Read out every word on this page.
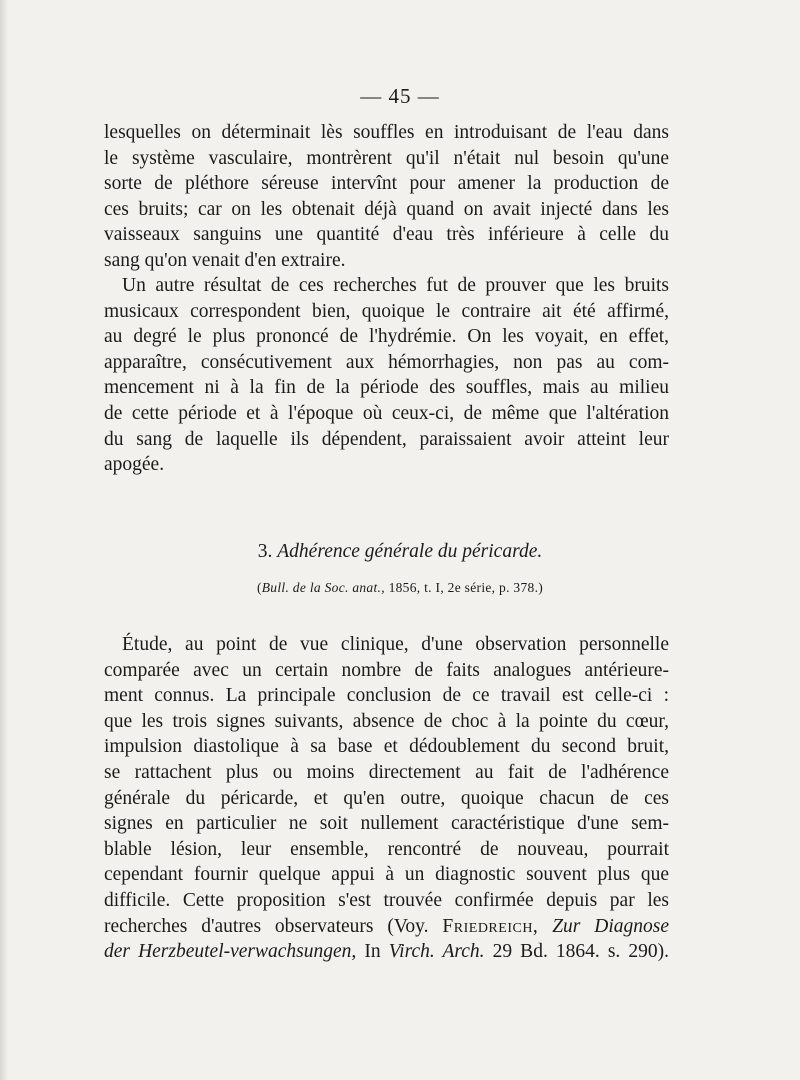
— 45 —
lesquelles on déterminait lès souffles en introduisant de l'eau dans
le système vasculaire, montrèrent qu'il n'était nul besoin qu'une
sorte de pléthore séreuse intervînt pour amener la production de
ces bruits; car on les obtenait déjà quand on avait injecté dans les
vaisseaux sanguins une quantité d'eau très inférieure à celle du
sang qu'on venait d'en extraire.
Un autre résultat de ces recherches fut de prouver que les bruits
musicaux correspondent bien, quoique le contraire ait été affirmé,
au degré le plus prononcé de l'hydrémie. On les voyait, en effet,
apparaître, consécutivement aux hémorrhagies, non pas au com-
mencement ni à la fin de la période des souffles, mais au milieu
de cette période et à l'époque où ceux-ci, de même que l'altération
du sang de laquelle ils dépendent, paraissaient avoir atteint leur
apogée.
3. Adhérence générale du péricarde.
(Bull. de la Soc. anat., 1856, t. I, 2e série, p. 378.)
Étude, au point de vue clinique, d'une observation personnelle
comparée avec un certain nombre de faits analogues antérieure-
ment connus. La principale conclusion de ce travail est celle-ci :
que les trois signes suivants, absence de choc à la pointe du cœur,
impulsion diastolique à sa base et dédoublement du second bruit,
se rattachent plus ou moins directement au fait de l'adhérence
générale du péricarde, et qu'en outre, quoique chacun de ces
signes en particulier ne soit nullement caractéristique d'une sem-
blable lésion, leur ensemble, rencontré de nouveau, pourrait
cependant fournir quelque appui à un diagnostic souvent plus que
difficile. Cette proposition s'est trouvée confirmée depuis par les
recherches d'autres observateurs (Voy. Friedreich, Zur Diagnose
der Herzbeutel-verwachsungen, In Virch. Arch. 29 Bd. 1864. s. 290).
